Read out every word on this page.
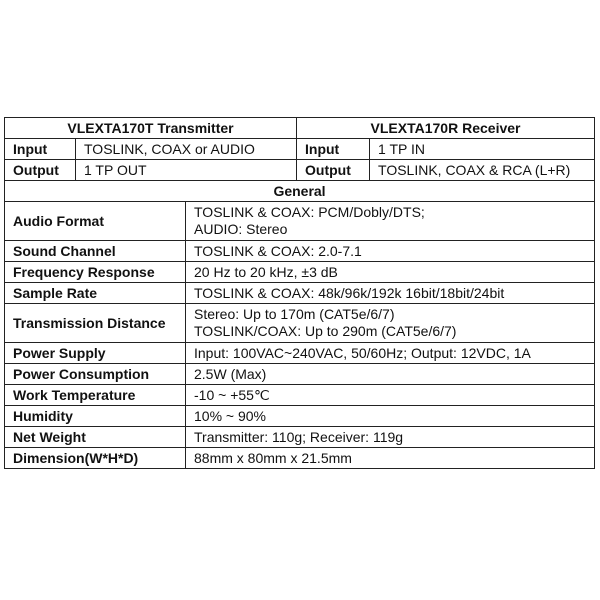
VLEXTA170T Transmitter			VLEXTA170R Receiver	
Input	TOSLINK, COAX or AUDIO		Input	1 TP IN
Output	1 TP OUT		Output	TOSLINK, COAX & RCA (L+R)
General				
Audio Format		TOSLINK & COAX: PCM/Dobly/DTS;
AUDIO: Stereo		

Sound Channel		TOSLINK & COAX: 2.0-7.1		
Frequency Response		20 Hz to 20 kHz, ±3 dB		
Sample Rate		TOSLINK & COAX: 48k/96k/192k 16bit/18bit/24bit		
Transmission Distance		Stereo: Up to 170m (CAT5e/6/7)
TOSLINK/COAX: Up to 290m (CAT5e/6/7)		

Power Supply		Input: 100VAC~240VAC, 50/60Hz; Output: 12VDC, 1A		
Power Consumption		2.5W (Max)		
Work Temperature		-10 ~ +55℃		
Humidity		10% ~ 90%		
Net Weight		Transmitter: 110g; Receiver: 119g		
Dimension(W*H*D)		88mm x 80mm x 21.5mm		
